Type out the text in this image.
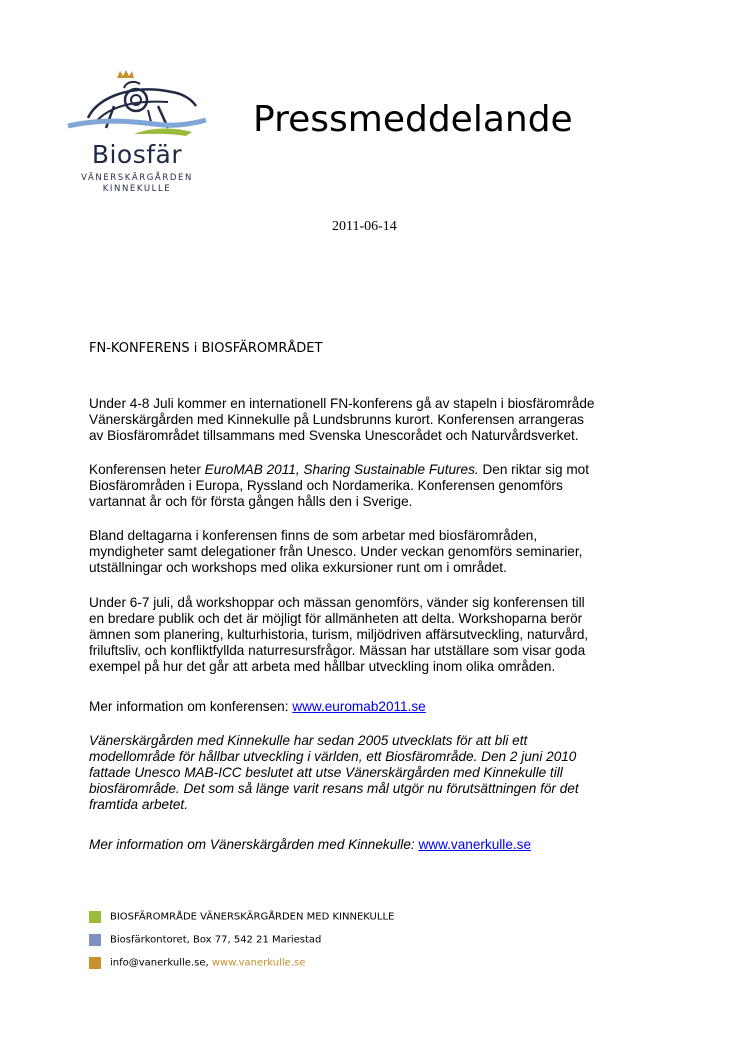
Biosfär
VÄNERSKÄRGÅRDEN
KINNEKULLE
Pressmeddelande
2011-06-14
FN-KONFERENS i BIOSFÄROMRÅDET

Under 4-8 Juli kommer en internationell FN-konferens gå av stapeln i biosfärområde
Vänerskärgården med Kinnekulle på Lundsbrunns kurort. Konferensen arrangeras
av Biosfärområdet tillsammans med Svenska Unescorådet och Naturvårdsverket.

Konferensen heter EuroMAB 2011, Sharing Sustainable Futures. Den riktar sig mot
Biosfärområden i Europa, Ryssland och Nordamerika. Konferensen genomförs
vartannat år och för första gången hålls den i Sverige.

Bland deltagarna i konferensen finns de som arbetar med biosfärområden,
myndigheter samt delegationer från Unesco. Under veckan genomförs seminarier,
utställningar och workshops med olika exkursioner runt om i området.

Under 6-7 juli, då workshoppar och mässan genomförs, vänder sig konferensen till
en bredare publik och det är möjligt för allmänheten att delta. Workshoparna berör
ämnen som planering, kulturhistoria, turism, miljödriven affärsutveckling, naturvård,
friluftsliv, och konfliktfyllda naturresursfrågor. Mässan har utställare som visar goda
exempel på hur det går att arbeta med hållbar utveckling inom olika områden.

Mer information om konferensen: www.euromab2011.se

Vänerskärgården med Kinnekulle har sedan 2005 utvecklats för att bli ett
modellområde för hållbar utveckling i världen, ett Biosfärområde. Den 2 juni 2010
fattade Unesco MAB-ICC beslutet att utse Vänerskärgården med Kinnekulle till
biosfärområde. Det som så länge varit resans mål utgör nu förutsättningen för det
framtida arbetet.

Mer information om Vänerskärgården med Kinnekulle: www.vanerkulle.se

BIOSFÄROMRÅDE VÄNERSKÄRGÅRDEN MED KINNEKULLE
Biosfärkontoret, Box 77, 542 21 Mariestad
info@vanerkulle.se, www.vanerkulle.se
